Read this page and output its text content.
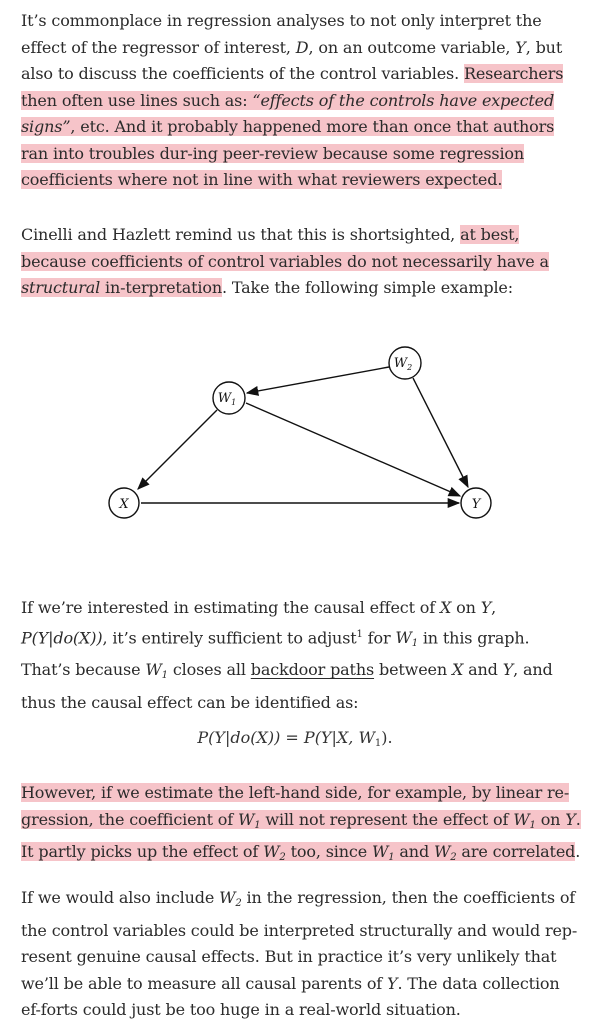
It’s commonplace in regression analyses to not only interpret the effect of the regressor of interest, D, on an outcome variable, Y, but also to discuss the coefficients of the control variables. Researchers then often use lines such as: “effects of the controls have expected signs”, etc. And it probably happened more than once that authors ran into troubles dur-ing peer-review because some regression coefficients where not in line with what reviewers expected.

Cinelli and Hazlett remind us that this is shortsighted, at best, because coefficients of control variables do not necessarily have a structural in-terpretation. Take the following simple example:

$W_2$
$W_1$
X	Y

If we’re interested in estimating the causal effect of X on Y, P(Y|do(X)), it’s entirely sufficient to adjust$^1$ for $W_1$ in this graph. That’s because $W_1$ closes all backdoor paths between X and Y, and thus the causal effect can be identified as:

P(Y|do(X)) = P(Y|X, $W_1$).

However, if we estimate the left-hand side, for example, by linear re-gression, the coefficient of $W_1$ will not represent the effect of $W_1$ on Y. It partly picks up the effect of $W_2$ too, since $W_1$ and $W_2$ are correlated.

If we would also include $W_2$ in the regression, then the coefficients of the control variables could be interpreted structurally and would rep-resent genuine causal effects. But in practice it’s very unlikely that we’ll be able to measure all causal parents of Y. The data collection ef-forts could just be too huge in a real-world situation.
